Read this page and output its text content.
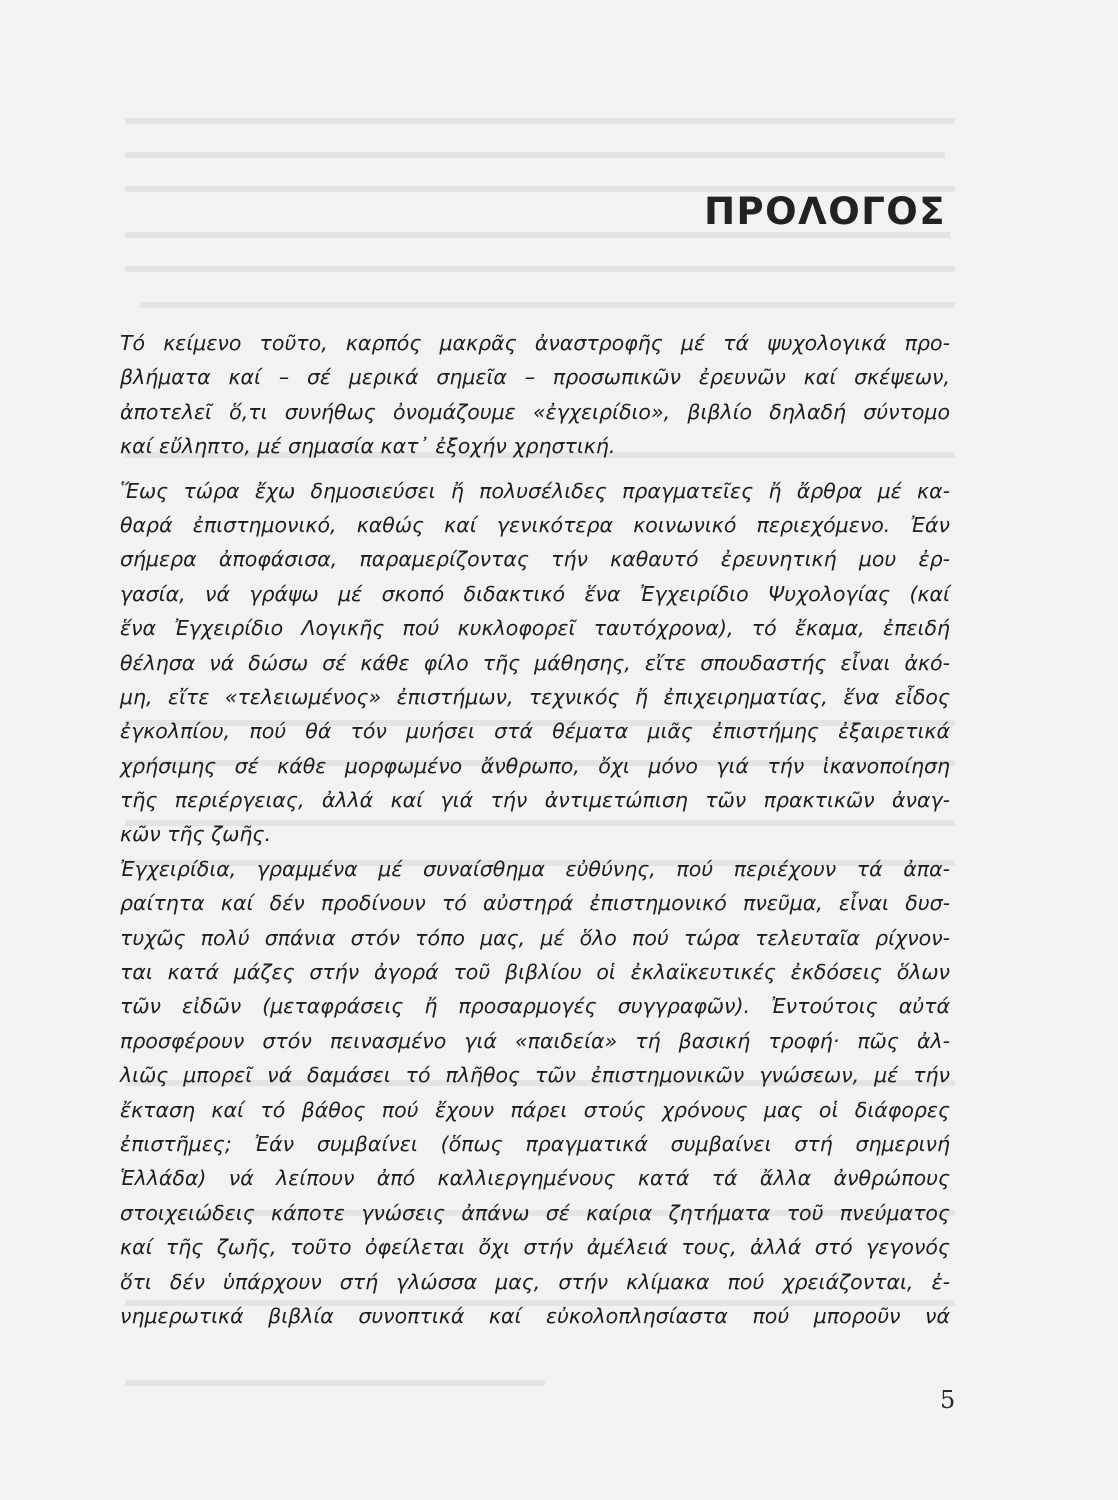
ΠΡΟΛΟΓΟΣ
Τό κείμενο τοῦτο, καρπός μακρᾶς ἀναστροφῆς μέ τά ψυχολογικά προ-
βλήματα καί – σέ μερικά σημεῖα – προσωπικῶν ἐρευνῶν καί σκέψεων,
ἀποτελεῖ ὅ,τι συνήθως ὀνομάζουμε «ἐγχειρίδιο», βιβλίο δηλαδή σύντομο
καί εὔληπτο, μέ σημασία κατ᾽ ἐξοχήν χρηστική.
Ἕως τώρα ἔχω δημοσιεύσει ἤ πολυσέλιδες πραγματεῖες ἤ ἄρθρα μέ κα-
θαρά ἐπιστημονικό, καθώς καί γενικότερα κοινωνικό περιεχόμενο. Ἐάν
σήμερα ἀποφάσισα, παραμερίζοντας τήν καθαυτό ἐρευνητική μου ἐρ-
γασία, νά γράψω μέ σκοπό διδακτικό ἕνα Ἐγχειρίδιο Ψυχολογίας (καί
ἕνα Ἐγχειρίδιο Λογικῆς πού κυκλοφορεῖ ταυτόχρονα), τό ἔκαμα, ἐπειδή
θέλησα νά δώσω σέ κάθε φίλο τῆς μάθησης, εἴτε σπουδαστής εἶναι ἀκό-
μη, εἴτε «τελειωμένος» ἐπιστήμων, τεχνικός ἤ ἐπιχειρηματίας, ἕνα εἶδος
ἐγκολπίου, πού θά τόν μυήσει στά θέματα μιᾶς ἐπιστήμης ἐξαιρετικά
χρήσιμης σέ κάθε μορφωμένο ἄνθρωπο, ὄχι μόνο γιά τήν ἱκανοποίηση
τῆς περιέργειας, ἀλλά καί γιά τήν ἀντιμετώπιση τῶν πρακτικῶν ἀναγ-
κῶν τῆς ζωῆς.
Ἐγχειρίδια, γραμμένα μέ συναίσθημα εὐθύνης, πού περιέχουν τά ἀπα-
ραίτητα καί δέν προδίνουν τό αὐστηρά ἐπιστημονικό πνεῦμα, εἶναι δυσ-
τυχῶς πολύ σπάνια στόν τόπο μας, μέ ὅλο πού τώρα τελευταῖα ρίχνον-
ται κατά μάζες στήν ἀγορά τοῦ βιβλίου οἱ ἐκλαϊκευτικές ἐκδόσεις ὅλων
τῶν εἰδῶν (μεταφράσεις ἤ προσαρμογές συγγραφῶν). Ἐντούτοις αὐτά
προσφέρουν στόν πεινασμένο γιά «παιδεία» τή βασική τροφή· πῶς ἀλ-
λιῶς μπορεῖ νά δαμάσει τό πλῆθος τῶν ἐπιστημονικῶν γνώσεων, μέ τήν
ἔκταση καί τό βάθος πού ἔχουν πάρει στούς χρόνους μας οἱ διάφορες
ἐπιστῆμες; Ἐάν συμβαίνει (ὅπως πραγματικά συμβαίνει στή σημερινή
Ἑλλάδα) νά λείπουν ἀπό καλλιεργημένους κατά τά ἄλλα ἀνθρώπους
στοιχειώδεις κάποτε γνώσεις ἀπάνω σέ καίρια ζητήματα τοῦ πνεύματος
καί τῆς ζωῆς, τοῦτο ὀφείλεται ὄχι στήν ἀμέλειά τους, ἀλλά στό γεγονός
ὅτι δέν ὑπάρχουν στή γλώσσα μας, στήν κλίμακα πού χρειάζονται, ἐ-
νημερωτικά βιβλία συνοπτικά καί εὐκολοπλησίαστα πού μποροῦν νά
5
